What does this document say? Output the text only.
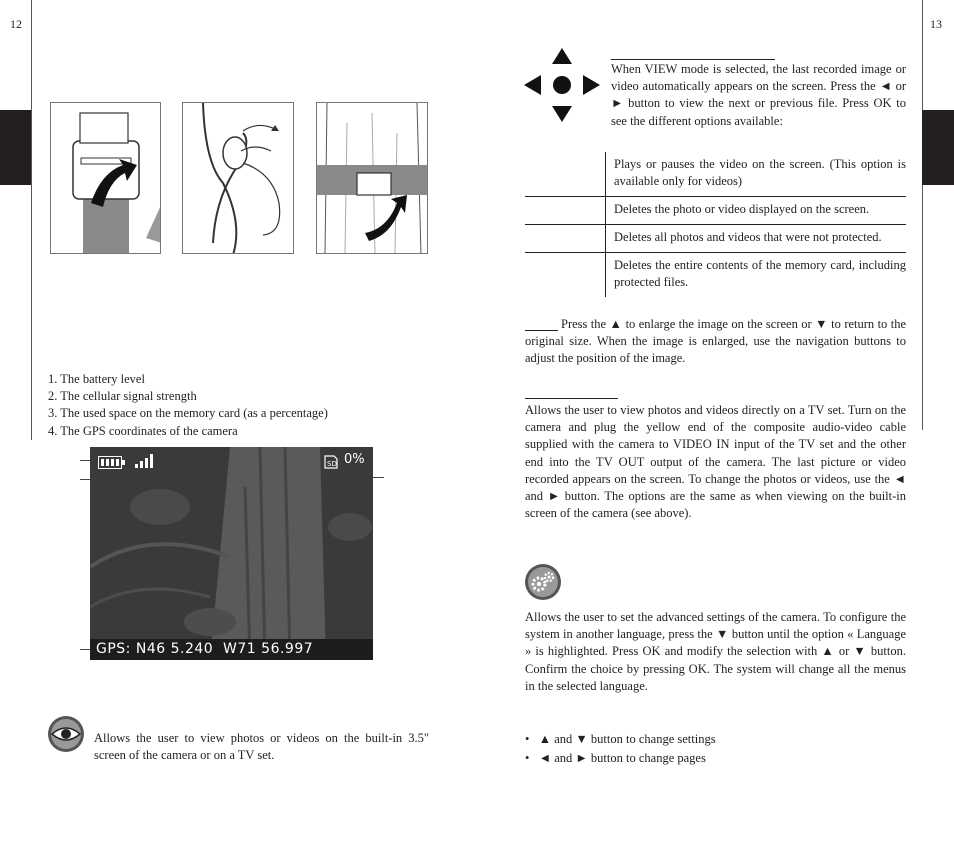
12
1. The battery level
2. The cellular signal strength
3. The used space on the memory card (as a percentage)
4. The GPS coordinates of the camera
SD 0%
GPS: N46 5.240  W71 56.997
Allows the user to view photos or videos on the built-in 3.5" screen of the camera or on a TV set.
13
When VIEW mode is selected, the last recorded image or video automatically appears on the screen. Press the ◄ or ► button to view the next or previous file. Press OK to see the different options available:
	Plays or pauses the video on the screen. (This option is available only for videos)
	Deletes the photo or video displayed on the screen.
	Deletes all photos and videos that were not protected.
	Deletes the entire contents of the memory card, including protected files.
Press the ▲ to enlarge the image on the screen or ▼ to return to the original size. When the image is enlarged, use the navigation buttons to adjust the position of the image.
Allows the user to view photos and videos directly on a TV set. Turn on the camera and plug the yellow end of the composite audio-video cable supplied with the camera to VIDEO IN input of the TV set and the other end into the TV OUT output of the camera. The last picture or video recorded appears on the screen. To change the photos or videos, use the ◄ and ► button. The options are the same as when viewing on the built-in screen of the camera (see above).
Allows the user to set the advanced settings of the camera. To configure the system in another language, press the ▼ button until the option « Language » is highlighted. Press OK and modify the selection with ▲ or ▼ button. Confirm the choice by pressing OK. The system will change all the menus in the selected language.
•   ▲ and ▼ button to change settings
•   ◄ and ► button to change pages
